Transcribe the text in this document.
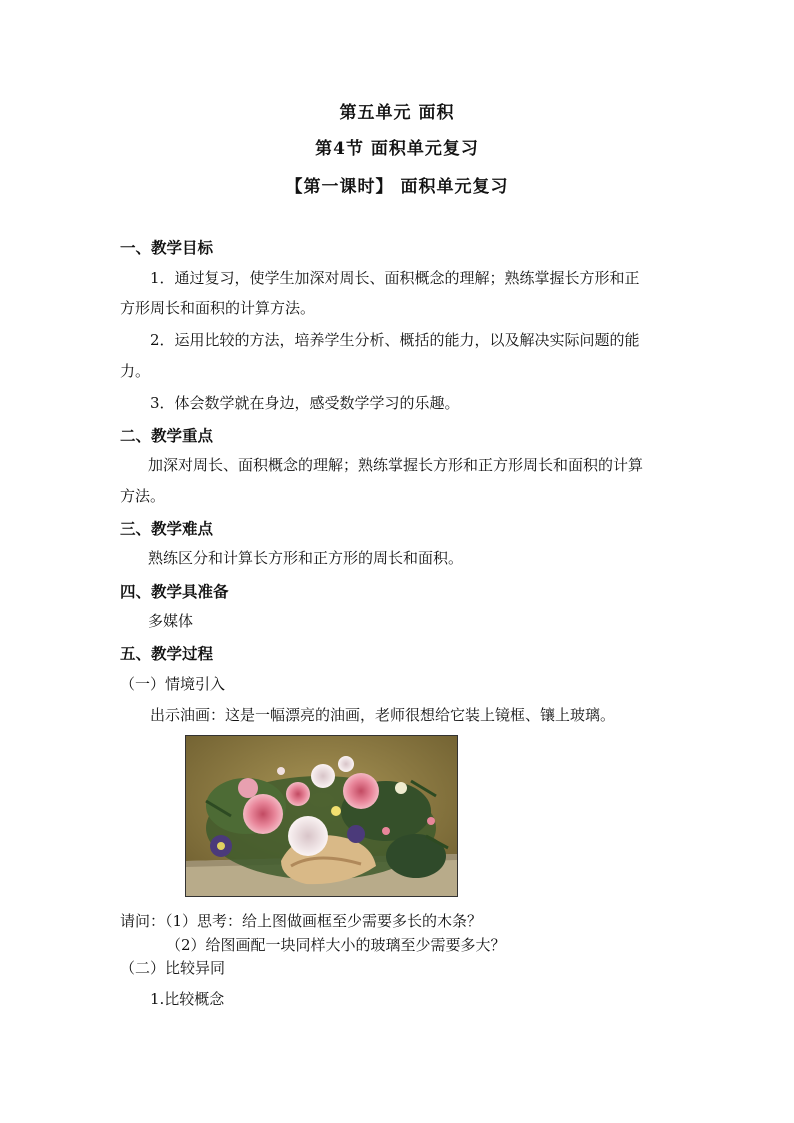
第五单元 面积
第4节 面积单元复习
【第一课时】 面积单元复习
一、教学目标
1．通过复习，使学生加深对周长、面积概念的理解；熟练掌握长方形和正
方形周长和面积的计算方法。
2．运用比较的方法，培养学生分析、概括的能力，以及解决实际问题的能
力。
3．体会数学就在身边，感受数学学习的乐趣。
二、教学重点
加深对周长、面积概念的理解；熟练掌握长方形和正方形周长和面积的计算
方法。
三、教学难点
熟练区分和计算长方形和正方形的周长和面积。
四、教学具准备
多媒体
五、教学过程
（一）情境引入
出示油画：这是一幅漂亮的油画，老师很想给它装上镜框、镶上玻璃。
请问：（1）思考：给上图做画框至少需要多长的木条？
（2）给图画配一块同样大小的玻璃至少需要多大？
（二）比较异同
1.比较概念
